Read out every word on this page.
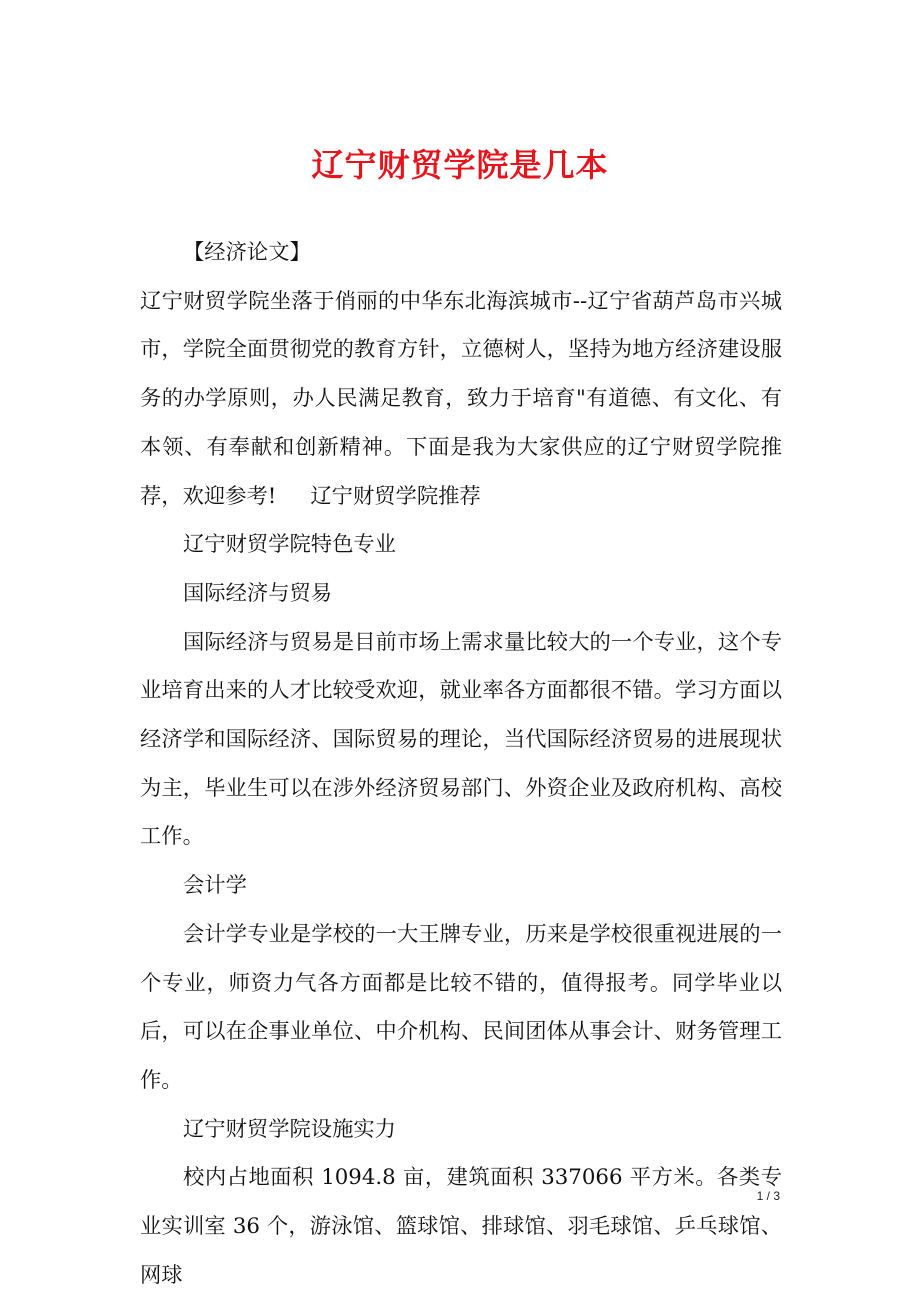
辽宁财贸学院是几本

【经济论文】

辽宁财贸学院坐落于俏丽的中华东北海滨城市--辽宁省葫芦岛市兴城市，学院全面贯彻党的教育方针，立德树人，坚持为地方经济建设服务的办学原则，办人民满足教育，致力于培育"有道德、有文化、有本领、有奉献和创新精神。下面是我为大家供应的辽宁财贸学院推荐，欢迎参考! 辽宁财贸学院推荐

辽宁财贸学院特色专业

国际经济与贸易

国际经济与贸易是目前市场上需求量比较大的一个专业，这个专业培育出来的人才比较受欢迎，就业率各方面都很不错。学习方面以经济学和国际经济、国际贸易的理论，当代国际经济贸易的进展现状为主，毕业生可以在涉外经济贸易部门、外资企业及政府机构、高校工作。

会计学

会计学专业是学校的一大王牌专业，历来是学校很重视进展的一个专业，师资力气各方面都是比较不错的，值得报考。同学毕业以后，可以在企事业单位、中介机构、民间团体从事会计、财务管理工作。

辽宁财贸学院设施实力

校内占地面积 1094.8 亩，建筑面积 337066 平方米。各类专业实训室 36 个，游泳馆、篮球馆、排球馆、羽毛球馆、乒乓球馆、网球

1 / 3
